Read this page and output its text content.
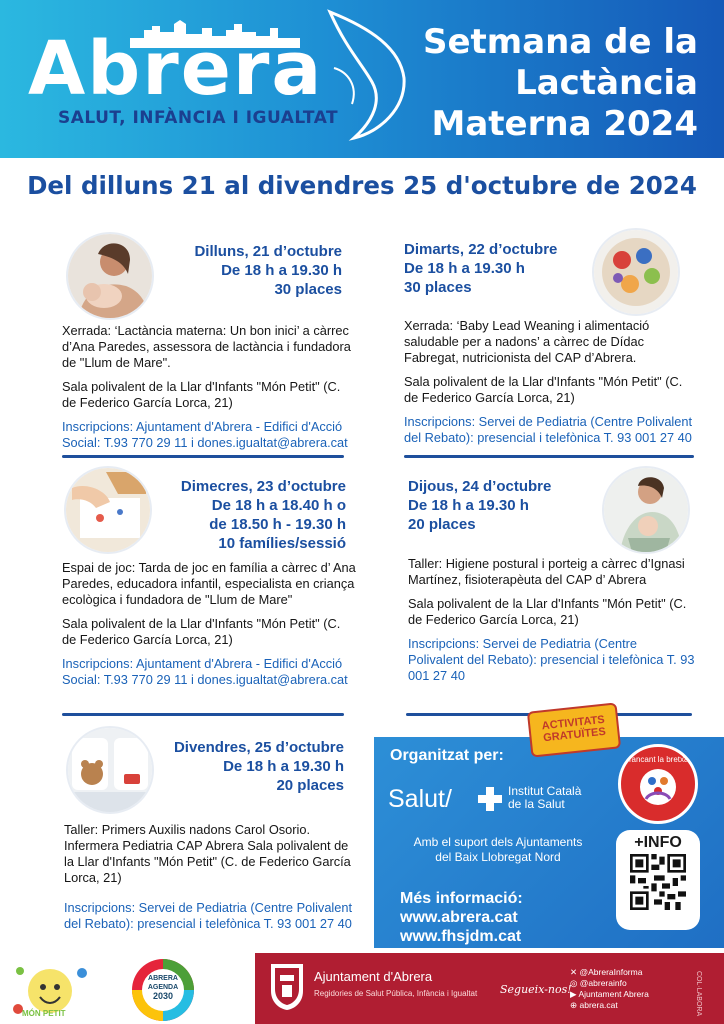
Abrera

SALUT, INFÀNCIA I IGUALTAT

Setmana de la
Lactància
Materna 2024
Del dilluns 21 al divendres 25 d'octubre de 2024
Dilluns, 21 d’octubre
De 18 h a 19.30 h
30 places

Xerrada: ‘Lactància materna: Un bon inici’ a càrrec d’Ana Paredes, assessora de lactància i fundadora de "Llum de Mare".

Sala polivalent de la Llar d'Infants "Món Petit" (C. de Federico García Lorca, 21)

Inscripcions: Ajuntament d'Abrera - Edifici d'Acció Social: T.93 770 29 11 i dones.igualtat@abrera.cat

Dimarts, 22 d’octubre
De 18 h a 19.30 h
30 places

Xerrada: ‘Baby Lead Weaning i alimentació saludable per a nadons’ a càrrec de Dídac Fabregat, nutricionista del CAP d’Abrera.

Sala polivalent de la Llar d'Infants "Món Petit" (C. de Federico García Lorca, 21)

Inscripcions: Servei de Pediatria (Centre Polivalent del Rebato): presencial i telefònica T. 93 001 27 40

Dimecres, 23 d’octubre
De 18 h a 18.40 h o
de 18.50 h - 19.30 h
10 famílies/sessió

Espai de joc: Tarda de joc en família a càrrec d’ Ana Paredes, educadora infantil, especialista en criança ecològica i fundadora de "Llum de Mare"

Sala polivalent de la Llar d'Infants "Món Petit" (C. de Federico García Lorca, 21)

Inscripcions: Ajuntament d'Abrera - Edifici d'Acció Social: T.93 770 29 11 i dones.igualtat@abrera.cat

Dijous, 24 d’octubre
De 18 h a 19.30 h
20 places

Taller: Higiene postural i porteig a càrrec d’Ignasi Martínez, fisioterapèuta del CAP d’ Abrera

Sala polivalent de la Llar d'Infants "Món Petit" (C. de Federico García Lorca, 21)

Inscripcions: Servei de Pediatria (Centre Polivalent del Rebato): presencial i telefònica T. 93 001 27 40

Divendres, 25 d’octubre
De 18 h a 19.30 h
20 places

Taller: Primers Auxilis nadons Carol Osorio. Infermera Pediatria CAP Abrera Sala polivalent de la Llar d'Infants "Món Petit" (C. de Federico García Lorca, 21)

Inscripcions: Servei de Pediatria (Centre Polivalent del Rebato): presencial i telefònica T. 93 001 27 40

Organitzat per:
Salut/	Institut Català
de la Salut
Amb el suport dels Ajuntaments
del Baix Llobregat Nord
Més informació:
www.abrera.cat
www.fhsjdm.cat
ACTIVITATS GRATUÏTES
Tancant la bretxa
+INFO
MÓN PETIT
ABRERA
AGENDA
2030
Ajuntament d'Abrera
Regidories de Salut Pública, Infància i Igualtat Segueix-nos!
✕ @AbreraInforma
◎ @abrerainfo
▶ Ajuntament Abrera
⊕ abrera.cat	COL·LABORA
